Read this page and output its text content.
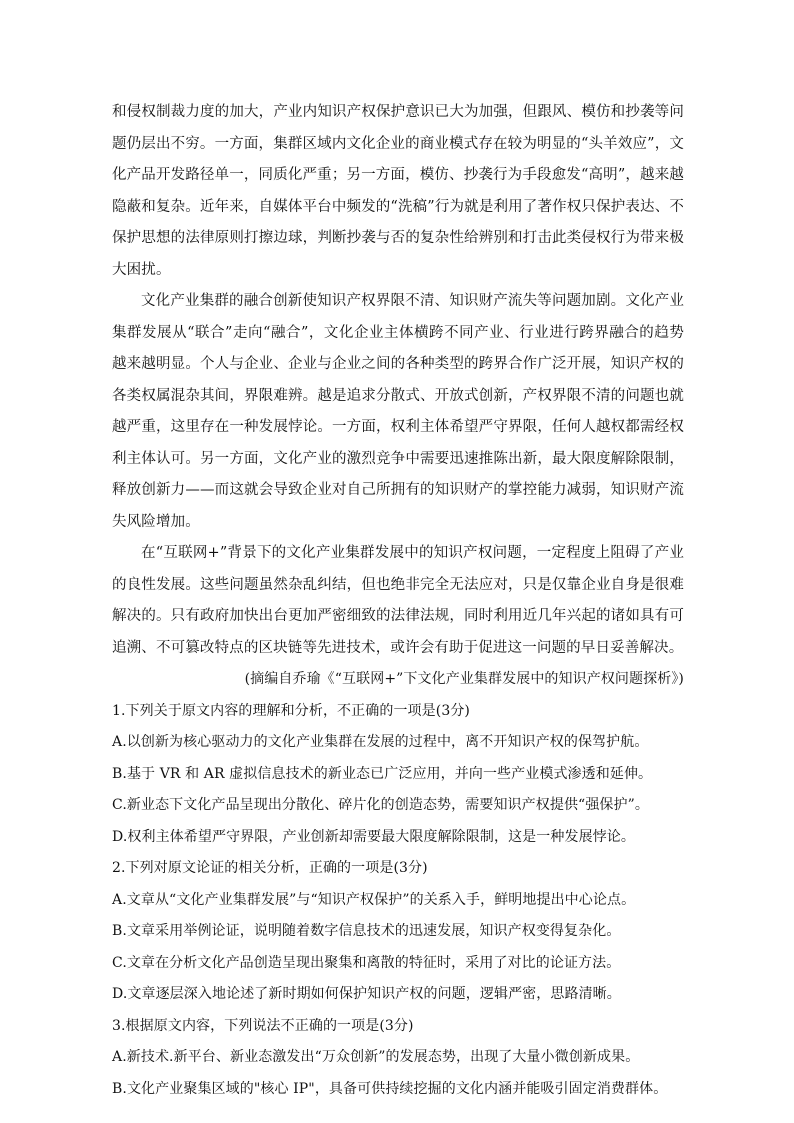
和侵权制裁力度的加大，产业内知识产权保护意识已大为加强，但跟风、模仿和抄袭等问题仍层出不穷。一方面，集群区域内文化企业的商业模式存在较为明显的“头羊效应”，文化产品开发路径单一，同质化严重；另一方面，模仿、抄袭行为手段愈发“高明”，越来越隐蔽和复杂。近年来，自媒体平台中频发的“洗稿”行为就是利用了著作权只保护表达、不保护思想的法律原则打擦边球，判断抄袭与否的复杂性给辨别和打击此类侵权行为带来极大困扰。

文化产业集群的融合创新使知识产权界限不清、知识财产流失等问题加剧。文化产业集群发展从“联合”走向“融合”，文化企业主体横跨不同产业、行业进行跨界融合的趋势越来越明显。个人与企业、企业与企业之间的各种类型的跨界合作广泛开展，知识产权的各类权属混杂其间，界限难辨。越是追求分散式、开放式创新，产权界限不清的问题也就越严重，这里存在一种发展悖论。一方面，权利主体希望严守界限，任何人越权都需经权利主体认可。另一方面，文化产业的激烈竞争中需要迅速推陈出新，最大限度解除限制，释放创新力——而这就会导致企业对自己所拥有的知识财产的掌控能力减弱，知识财产流失风险增加。

在“互联网+”背景下的文化产业集群发展中的知识产权问题，一定程度上阻碍了产业的良性发展。这些问题虽然杂乱纠结，但也绝非完全无法应对，只是仅靠企业自身是很难解决的。只有政府加快出台更加严密细致的法律法规，同时利用近几年兴起的诸如具有可追溯、不可篡改特点的区块链等先进技术，或许会有助于促进这一问题的早日妥善解决。

(摘编自乔瑜《“互联网+”下文化产业集群发展中的知识产权问题探析》)

1.下列关于原文内容的理解和分析，不正确的一项是(3分)

A.以创新为核心驱动力的文化产业集群在发展的过程中，离不开知识产权的保驾护航。

B.基于 VR 和 AR 虚拟信息技术的新业态已广泛应用，并向一些产业模式渗透和延伸。

C.新业态下文化产品呈现出分散化、碎片化的创造态势，需要知识产权提供“强保护”。

D.权利主体希望严守界限，产业创新却需要最大限度解除限制，这是一种发展悖论。

2.下列对原文论证的相关分析，正确的一项是(3分)

A.文章从“文化产业集群发展”与“知识产权保护”的关系入手，鲜明地提出中心论点。

B.文章采用举例论证，说明随着数字信息技术的迅速发展，知识产权变得复杂化。

C.文章在分析文化产品创造呈现出聚集和离散的特征时，采用了对比的论证方法。

D.文章逐层深入地论述了新时期如何保护知识产权的问题，逻辑严密，思路清晰。

3.根据原文内容，下列说法不正确的一项是(3分)

A.新技术.新平台、新业态激发出“万众创新”的发展态势，出现了大量小微创新成果。

B.文化产业聚集区域的"核心 IP"，具备可供持续挖掘的文化内涵并能吸引固定消费群体。
